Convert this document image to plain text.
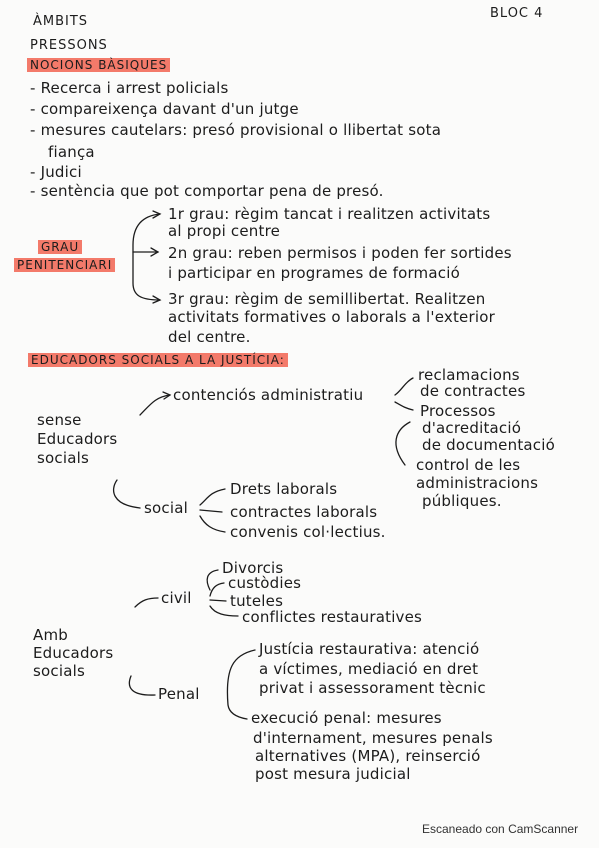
ÀMBITS
BLOC 4
PRESSONS
NOCIONS BÀSIQUES
- Recerca i arrest policials
- compareixença davant d'un jutge
- mesures cautelars: presó provisional o llibertat sota
fiança
- Judici
- sentència que pot comportar pena de presó.
1r grau: règim tancat i realitzen activitats
al propi centre
GRAU
PENITENCIARI
2n grau: reben permisos i poden fer sortides
i participar en programes de formació
3r grau: règim de semillibertat. Realitzen
activitats formatives o laborals a l'exterior
del centre.
EDUCADORS SOCIALS A LA JUSTÍCIA:
sense
Educadors
socials
contenciós administratiu
reclamacions
de contractes
Processos
d'acreditació
de documentació
control de les
administracions
públiques.
social
Drets laborals
contractes laborals
convenis col·lectius.
Amb
Educadors
socials
civil
Divorcis
custòdies
tuteles
conflictes restauratives
Penal
Justícia restaurativa: atenció
a víctimes, mediació en dret
privat i assessorament tècnic
execució penal: mesures
d'internament, mesures penals
alternatives (MPA), reinserció
post mesura judicial
Escaneado con CamScanner
